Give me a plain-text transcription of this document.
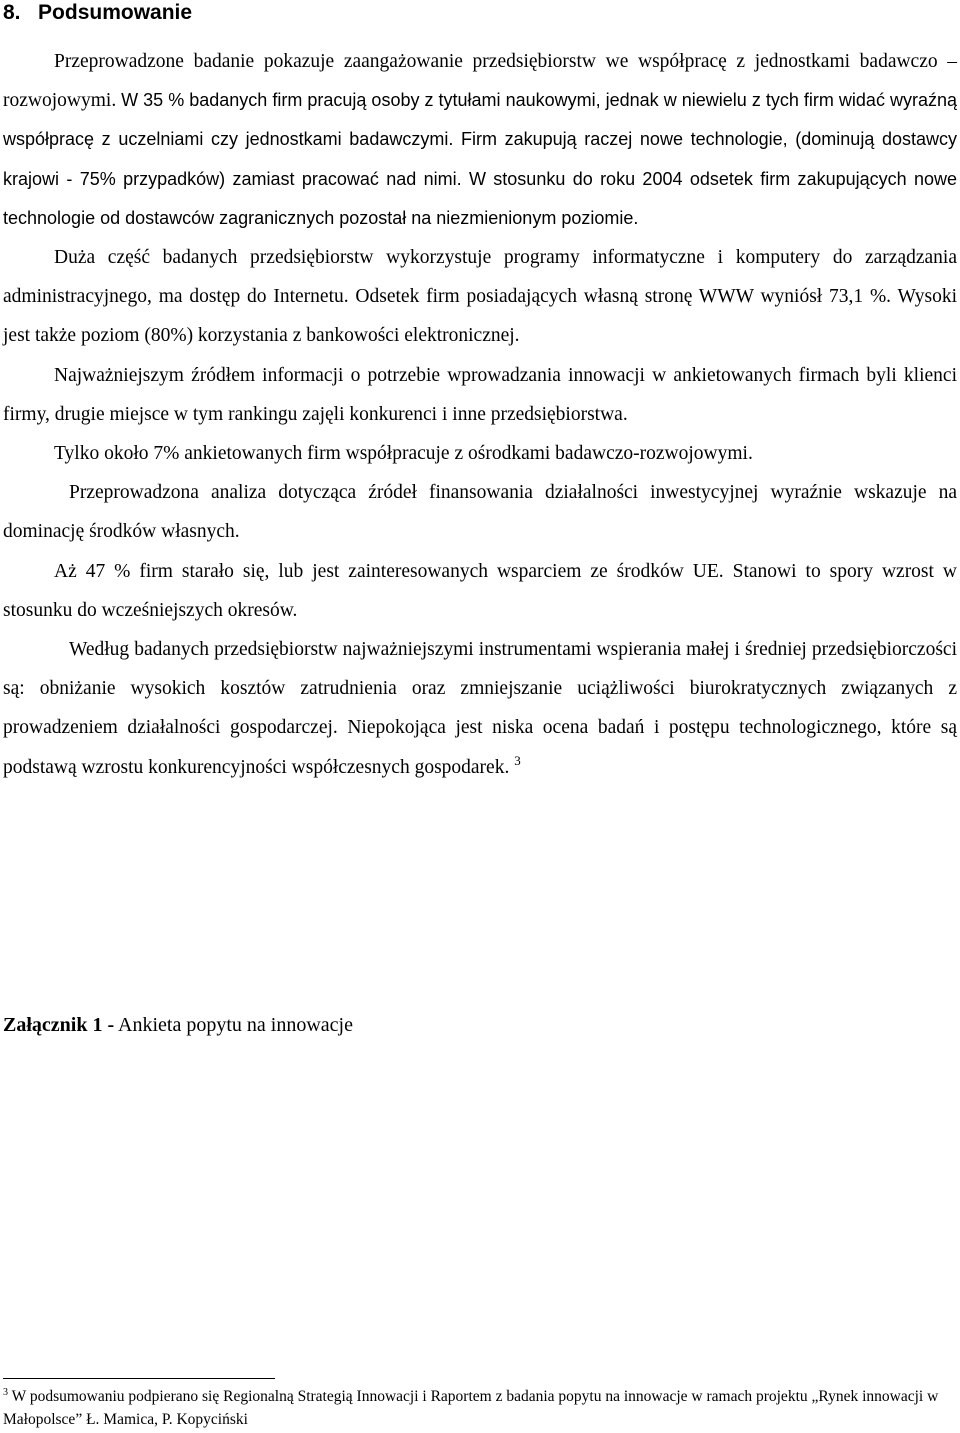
8. Podsumowanie

Przeprowadzone badanie pokazuje zaangażowanie przedsiębiorstw we współpracę z jednostkami badawczo – rozwojowymi. W 35 % badanych firm pracują osoby z tytułami naukowymi, jednak w niewielu z tych firm widać wyraźną współpracę z uczelniami czy jednostkami badawczymi. Firm zakupują raczej nowe technologie, (dominują dostawcy krajowi - 75% przypadków) zamiast pracować nad nimi. W stosunku do roku 2004 odsetek firm zakupujących nowe technologie od dostawców zagranicznych pozostał na niezmienionym poziomie.

Duża część badanych przedsiębiorstw wykorzystuje programy informatyczne i komputery do zarządzania administracyjnego, ma dostęp do Internetu. Odsetek firm posiadających własną stronę WWW wyniósł 73,1 %. Wysoki jest także poziom (80%) korzystania z bankowości elektronicznej.

Najważniejszym źródłem informacji o potrzebie wprowadzania innowacji w ankietowanych firmach byli klienci firmy, drugie miejsce w tym rankingu zajęli konkurenci i inne przedsiębiorstwa.

Tylko około 7% ankietowanych firm współpracuje z ośrodkami badawczo-rozwojowymi.

Przeprowadzona analiza dotycząca źródeł finansowania działalności inwestycyjnej wyraźnie wskazuje na dominację środków własnych.

Aż 47 % firm starało się, lub jest zainteresowanych wsparciem ze środków UE. Stanowi to spory wzrost w stosunku do wcześniejszych okresów.

Według badanych przedsiębiorstw najważniejszymi instrumentami wspierania małej i średniej przedsiębiorczości są: obniżanie wysokich kosztów zatrudnienia oraz zmniejszanie uciążliwości biurokratycznych związanych z prowadzeniem działalności gospodarczej. Niepokojąca jest niska ocena badań i postępu technologicznego, które są podstawą wzrostu konkurencyjności współczesnych gospodarek. $^3$

Załącznik 1 - Ankieta popytu na innowacje

$^3$ W podsumowaniu podpierano się Regionalną Strategią Innowacji i Raportem z badania popytu na innowacje w ramach projektu „Rynek innowacji w Małopolsce” Ł. Mamica, P. Kopyciński
